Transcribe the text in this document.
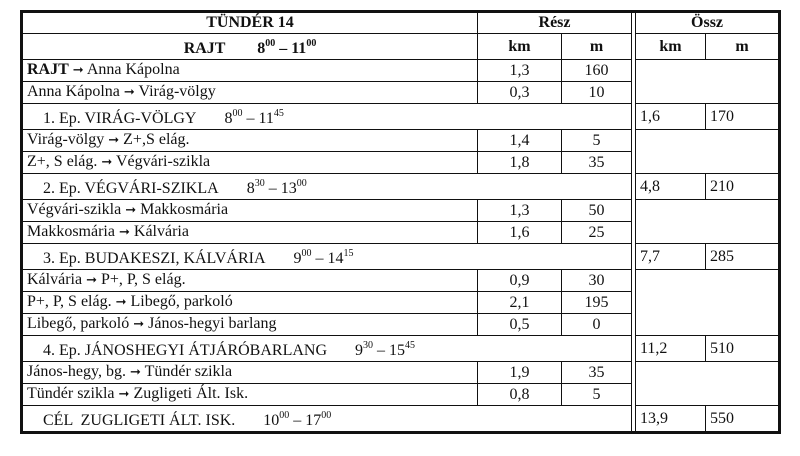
TÜNDÉR 14	Rész			Össz	
RAJT $8^{00} - 11^{00}$	km	m		km	m
RAJT ➞ Anna Kápolna	1,3	160			
Anna Kápolna ➞ Virág-völgy	0,3	10			
1. Ep. VIRÁG-VÖLGY $8^{00} - 11^{45}$				1,6	170
Virág-völgy ➞ Z+,S elág.	1,4	5			
Z+, S elág. ➞ Végvári-szikla	1,8	35			
2. Ep. VÉGVÁRI-SZIKLA $8^{30} - 13^{00}$				4,8	210
Végvári-szikla ➞ Makkosmária	1,3	50			
Makkosmária ➞ Kálvária	1,6	25			
3. Ep. BUDAKESZI, KÁLVÁRIA $9^{00} - 14^{15}$				7,7	285
Kálvária ➞ P+, P, S elág.	0,9	30			
P+, P, S elág. ➞ Libegő, parkoló	2,1	195			
Libegő, parkoló ➞ János-hegyi barlang	0,5	0			
4. Ep. JÁNOSHEGYI ÁTJÁRÓBARLANG $9^{30} - 15^{45}$				11,2	510
János-hegy, bg. ➞ Tündér szikla	1,9	35			
Tündér szikla ➞ Zugligeti Ált. Isk.	0,8	5			
CÉL  ZUGLIGETI ÁLT. ISK. $10^{00} - 17^{00}$				13,9	550
